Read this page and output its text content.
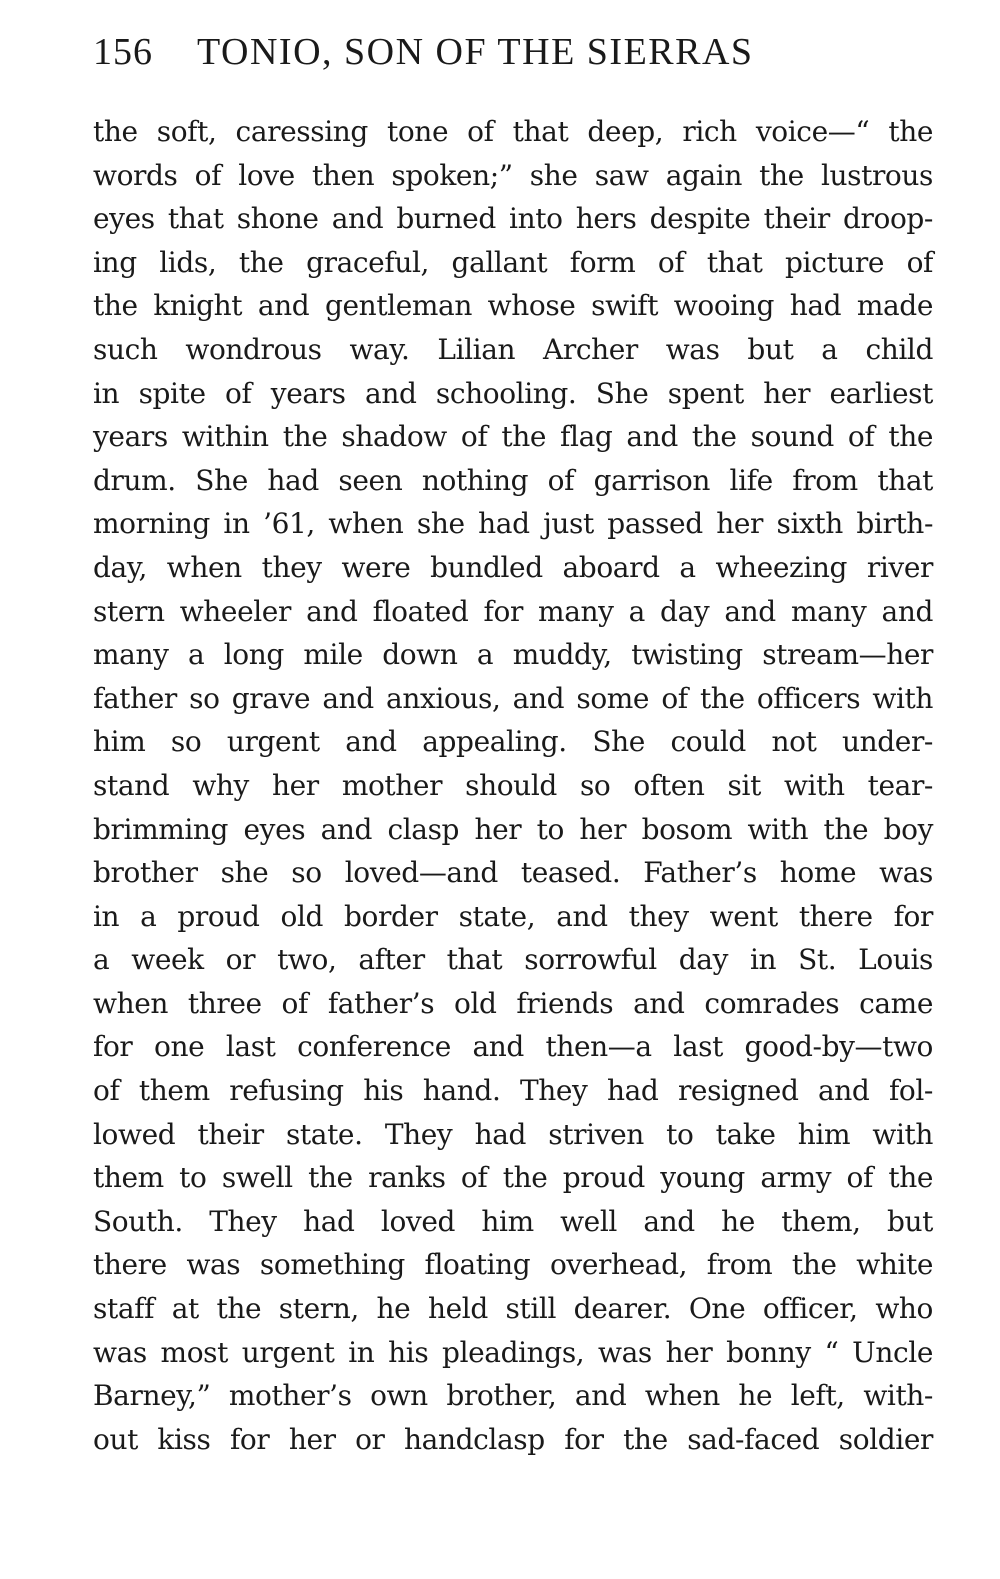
156 TONIO, SON OF THE SIERRAS
the soft, caressing tone of that deep, rich voice—“ the
words of love then spoken;” she saw again the lustrous
eyes that shone and burned into hers despite their droop-
ing lids, the graceful, gallant form of that picture of
the knight and gentleman whose swift wooing had made
such wondrous way. Lilian Archer was but a child
in spite of years and schooling. She spent her earliest
years within the shadow of the flag and the sound of the
drum. She had seen nothing of garrison life from that
morning in ’61, when she had just passed her sixth birth-
day, when they were bundled aboard a wheezing river
stern wheeler and floated for many a day and many and
many a long mile down a muddy, twisting stream—her
father so grave and anxious, and some of the officers with
him so urgent and appealing. She could not under-
stand why her mother should so often sit with tear-
brimming eyes and clasp her to her bosom with the boy
brother she so loved—and teased. Father’s home was
in a proud old border state, and they went there for
a week or two, after that sorrowful day in St. Louis
when three of father’s old friends and comrades came
for one last conference and then—a last good-by—two
of them refusing his hand. They had resigned and fol-
lowed their state. They had striven to take him with
them to swell the ranks of the proud young army of the
South. They had loved him well and he them, but
there was something floating overhead, from the white
staff at the stern, he held still dearer. One officer, who
was most urgent in his pleadings, was her bonny “ Uncle
Barney,” mother’s own brother, and when he left, with-
out kiss for her or handclasp for the sad-faced soldier
